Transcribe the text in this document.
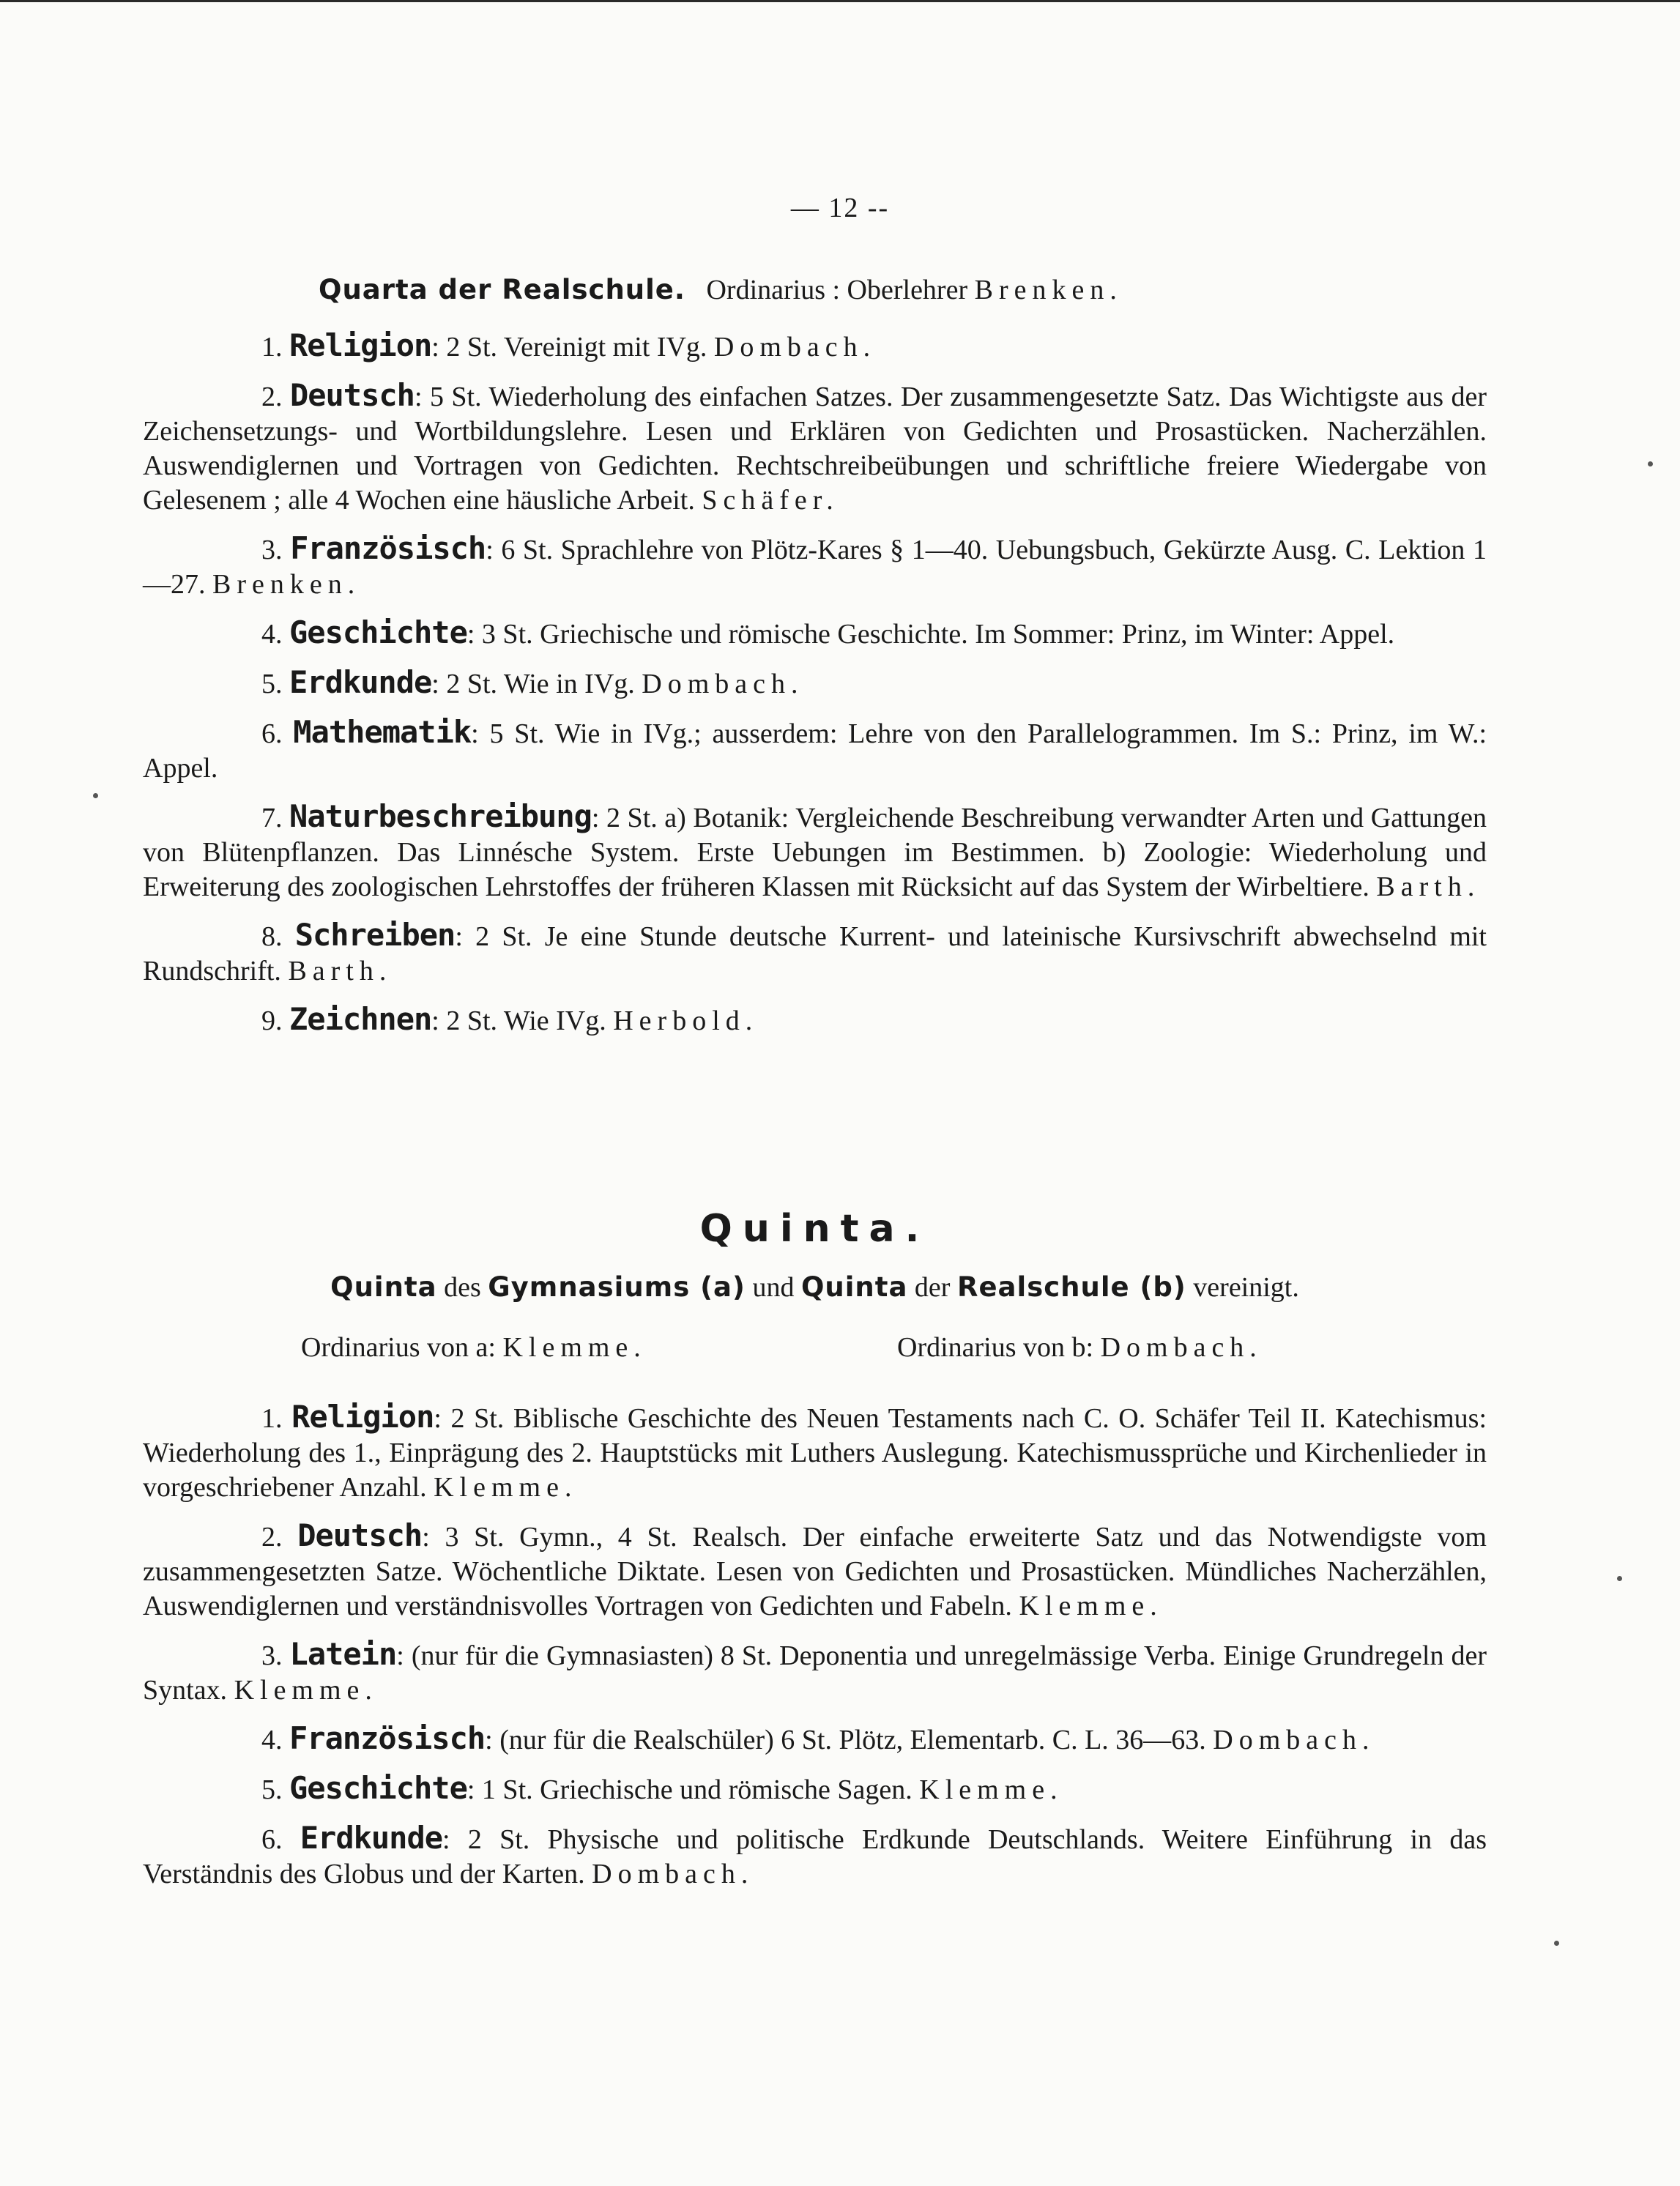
— 12 --
Quarta der Realschule. Ordinarius : Oberlehrer Brenken.

1. Religion: 2 St. Vereinigt mit IVg. Dombach.

2. Deutsch: 5 St. Wiederholung des einfachen Satzes. Der zusammengesetzte Satz. Das Wichtigste aus der Zeichensetzungs- und Wortbildungslehre. Lesen und Erklären von Gedichten und Prosastücken. Nacherzählen. Auswendiglernen und Vortragen von Gedichten. Rechtschreibeübungen und schriftliche freiere Wiedergabe von Gelesenem ; alle 4 Wochen eine häusliche Arbeit. Schäfer.

3. Französisch: 6 St. Sprachlehre von Plötz-Kares § 1—40. Uebungsbuch, Gekürzte Ausg. C. Lektion 1—27. Brenken.

4. Geschichte: 3 St. Griechische und römische Geschichte. Im Sommer: Prinz, im Winter: Appel.

5. Erdkunde: 2 St. Wie in IVg. Dombach.

6. Mathematik: 5 St. Wie in IVg.; ausserdem: Lehre von den Parallelogrammen. Im S.: Prinz, im W.: Appel.

7. Naturbeschreibung: 2 St. a) Botanik: Vergleichende Beschreibung verwandter Arten und Gattungen von Blütenpflanzen. Das Linnésche System. Erste Uebungen im Bestimmen. b) Zoologie: Wiederholung und Erweiterung des zoologischen Lehrstoffes der früheren Klassen mit Rücksicht auf das System der Wirbeltiere. Barth.

8. Schreiben: 2 St. Je eine Stunde deutsche Kurrent- und lateinische Kursivschrift abwechselnd mit Rundschrift. Barth.

9. Zeichnen: 2 St. Wie IVg. Herbold.

Quinta.
Quinta des Gymnasiums (a) und Quinta der Realschule (b) vereinigt.
Ordinarius von a: Klemme.	Ordinarius von b: Dombach.

1. Religion: 2 St. Biblische Geschichte des Neuen Testaments nach C. O. Schäfer Teil II. Katechismus: Wiederholung des 1., Einprägung des 2. Hauptstücks mit Luthers Auslegung. Katechismussprüche und Kirchenlieder in vorgeschriebener Anzahl. Klemme.

2. Deutsch: 3 St. Gymn., 4 St. Realsch. Der einfache erweiterte Satz und das Notwendigste vom zusammengesetzten Satze. Wöchentliche Diktate. Lesen von Gedichten und Prosastücken. Mündliches Nacherzählen, Auswendiglernen und verständnisvolles Vortragen von Gedichten und Fabeln. Klemme.

3. Latein: (nur für die Gymnasiasten) 8 St. Deponentia und unregelmässige Verba. Einige Grundregeln der Syntax. Klemme.

4. Französisch: (nur für die Realschüler) 6 St. Plötz, Elementarb. C. L. 36—63. Dombach.

5. Geschichte: 1 St. Griechische und römische Sagen. Klemme.

6. Erdkunde: 2 St. Physische und politische Erdkunde Deutschlands. Weitere Einführung in das Verständnis des Globus und der Karten. Dombach.
